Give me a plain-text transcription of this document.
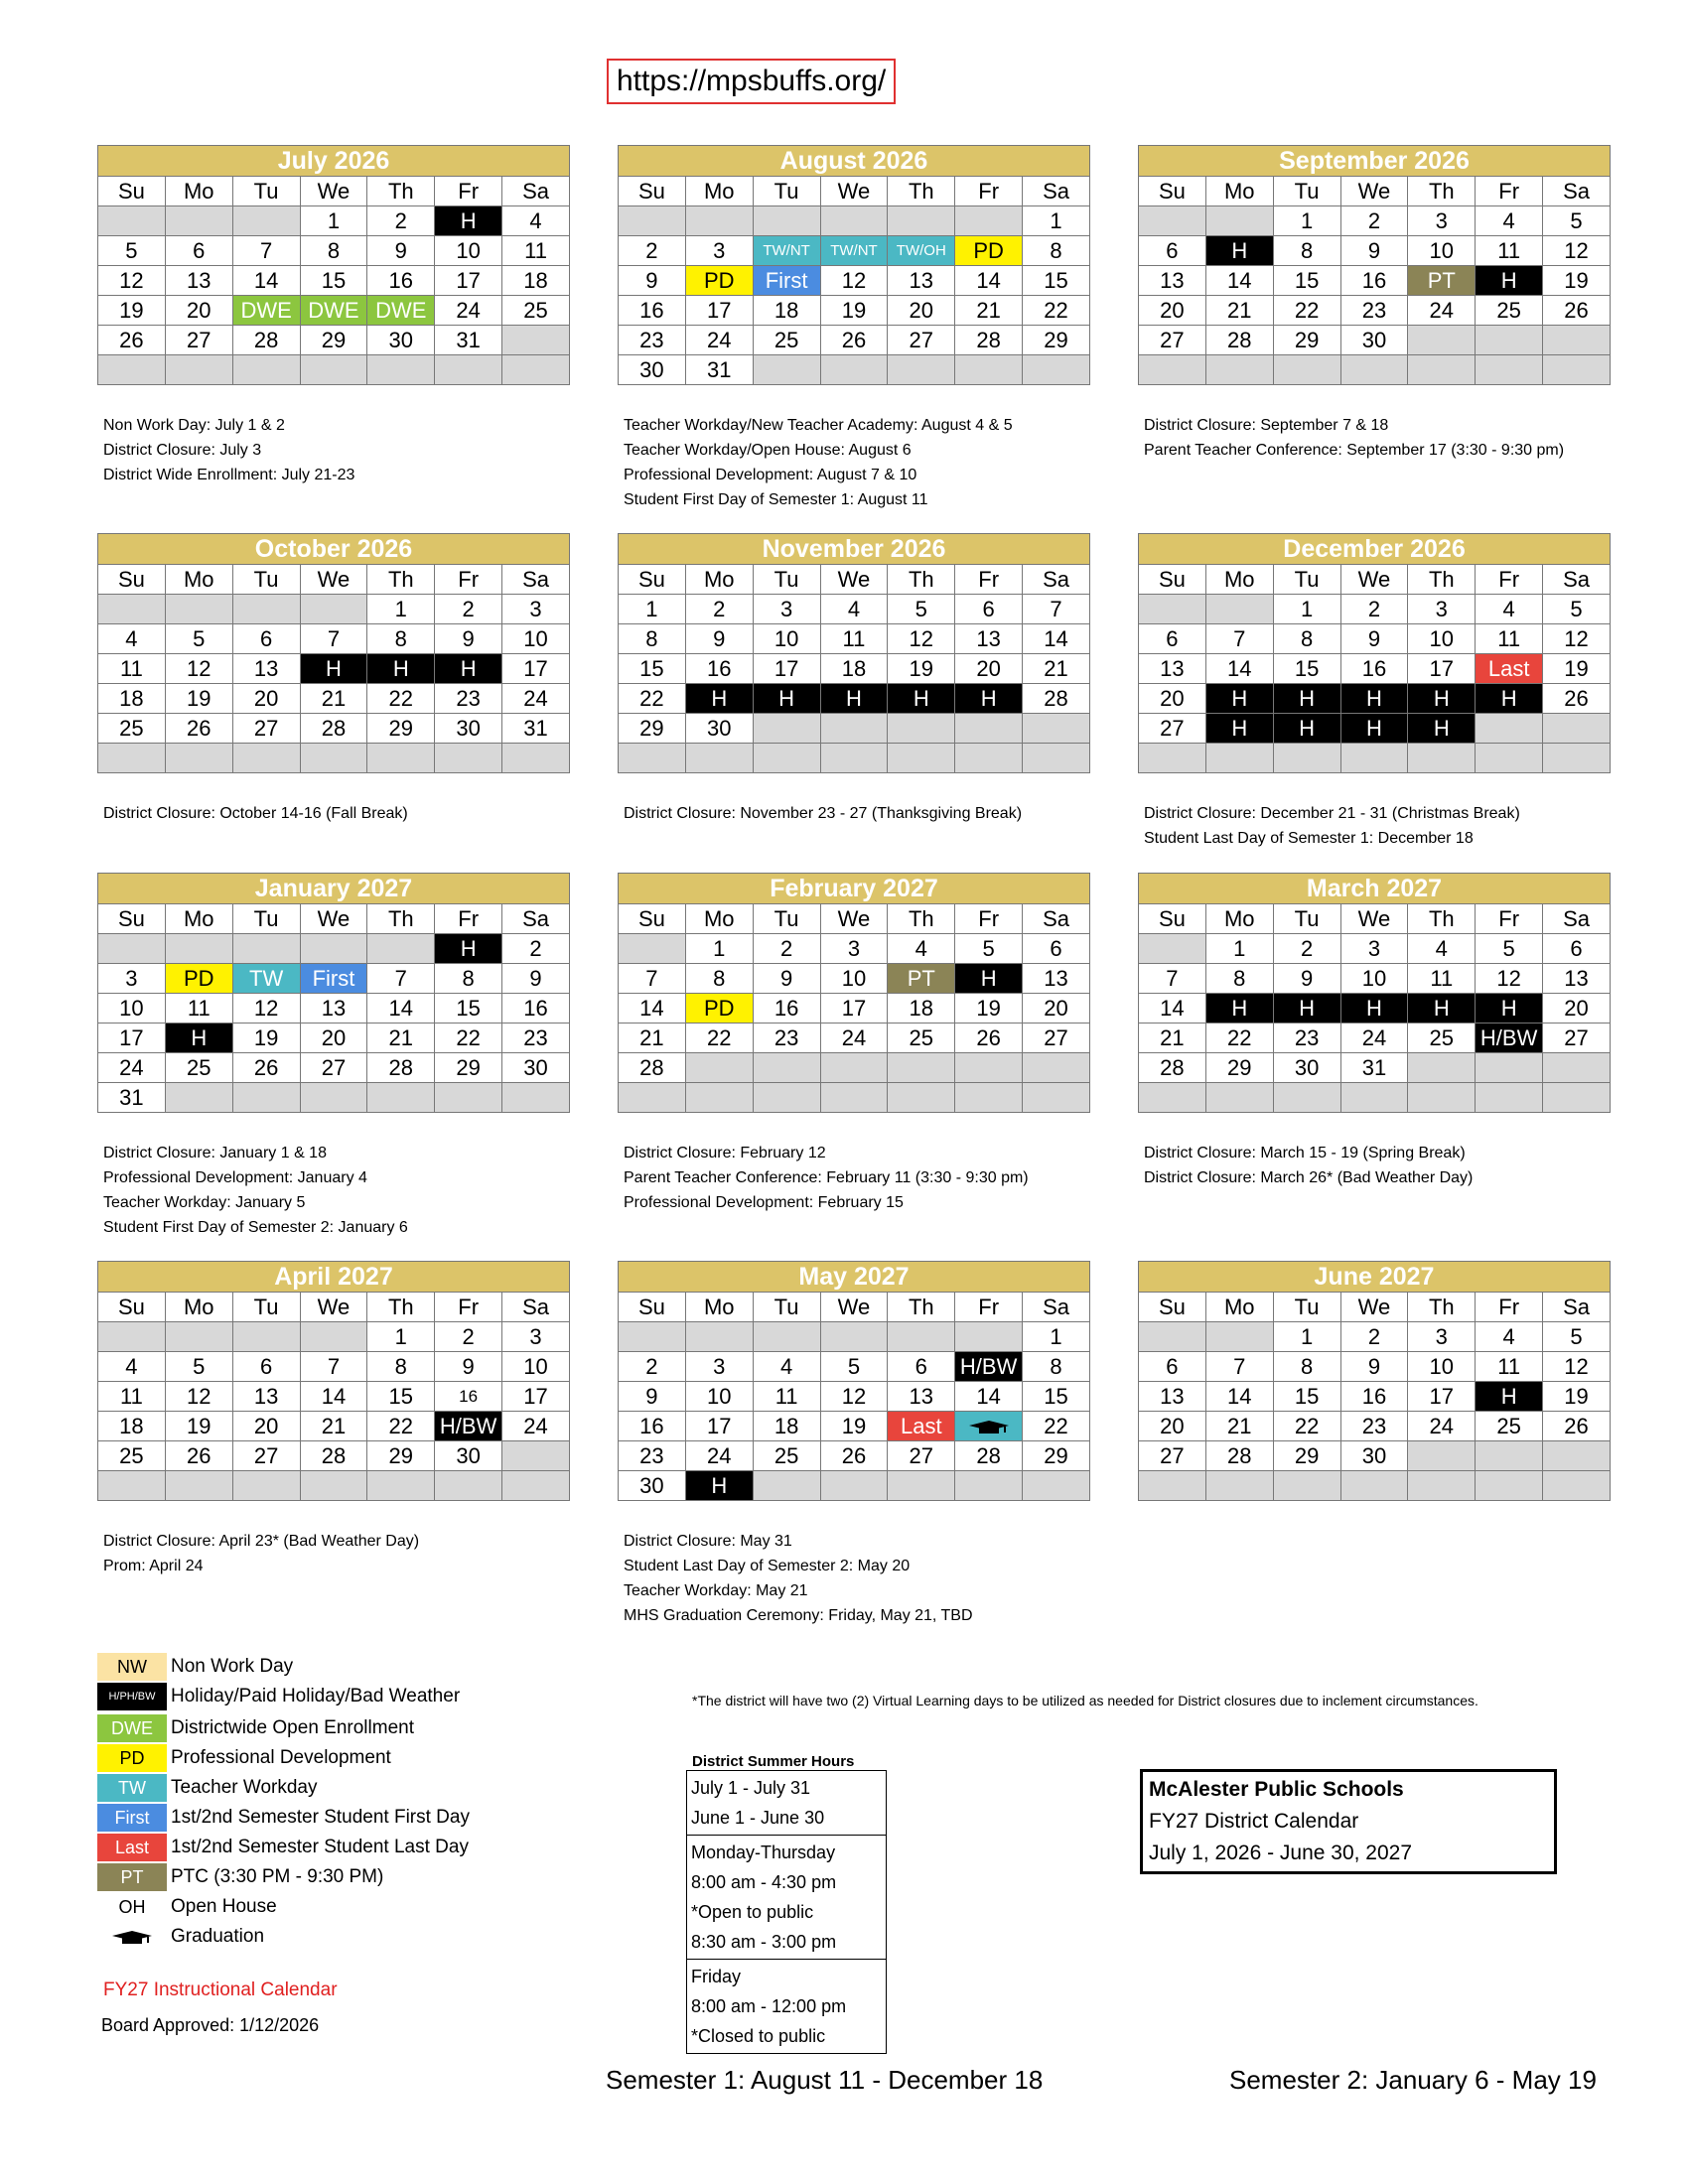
https://mpsbuffs.org/
July 2026						
Su	Mo	Tu	We	Th	Fr	Sa
			1	2	H	4
5	6	7	8	9	10	11
12	13	14	15	16	17	18
19	20	DWE	DWE	DWE	24	25
26	27	28	29	30	31	

August 2026						
Su	Mo	Tu	We	Th	Fr	Sa
						1
2	3	TW/NT	TW/NT	TW/OH	PD	8
9	PD	First	12	13	14	15
16	17	18	19	20	21	22
23	24	25	26	27	28	29
30	31					
September 2026						
Su	Mo	Tu	We	Th	Fr	Sa
		1	2	3	4	5
6	H	8	9	10	11	12
13	14	15	16	PT	H	19
20	21	22	23	24	25	26
27	28	29	30			

October 2026						
Su	Mo	Tu	We	Th	Fr	Sa
				1	2	3
4	5	6	7	8	9	10
11	12	13	H	H	H	17
18	19	20	21	22	23	24
25	26	27	28	29	30	31

November 2026						
Su	Mo	Tu	We	Th	Fr	Sa
1	2	3	4	5	6	7
8	9	10	11	12	13	14
15	16	17	18	19	20	21
22	H	H	H	H	H	28
29	30					

December 2026						
Su	Mo	Tu	We	Th	Fr	Sa
		1	2	3	4	5
6	7	8	9	10	11	12
13	14	15	16	17	Last	19
20	H	H	H	H	H	26
27	H	H	H	H		

January 2027						
Su	Mo	Tu	We	Th	Fr	Sa
					H	2
3	PD	TW	First	7	8	9
10	11	12	13	14	15	16
17	H	19	20	21	22	23
24	25	26	27	28	29	30
31						
February 2027						
Su	Mo	Tu	We	Th	Fr	Sa
	1	2	3	4	5	6
7	8	9	10	PT	H	13
14	PD	16	17	18	19	20
21	22	23	24	25	26	27
28						

March 2027						
Su	Mo	Tu	We	Th	Fr	Sa
	1	2	3	4	5	6
7	8	9	10	11	12	13
14	H	H	H	H	H	20
21	22	23	24	25	H/BW	27
28	29	30	31			

April 2027						
Su	Mo	Tu	We	Th	Fr	Sa
				1	2	3
4	5	6	7	8	9	10
11	12	13	14	15	16	17
18	19	20	21	22	H/BW	24
25	26	27	28	29	30	

May 2027						
Su	Mo	Tu	We	Th	Fr	Sa
						1
2	3	4	5	6	H/BW	8
9	10	11	12	13	14	15
16	17	18	19	Last		22
23	24	25	26	27	28	29
30	H					
June 2027						
Su	Mo	Tu	We	Th	Fr	Sa
		1	2	3	4	5
6	7	8	9	10	11	12
13	14	15	16	17	H	19
20	21	22	23	24	25	26
27	28	29	30			

Non Work Day: July 1 & 2
District Closure: July 3
District Wide Enrollment: July 21-23
Teacher Workday/New Teacher Academy: August 4 & 5
Teacher Workday/Open House: August 6
Professional Development: August 7 & 10
Student First Day of Semester 1: August 11
District Closure: September 7 & 18
Parent Teacher Conference: September 17 (3:30 - 9:30 pm)
District Closure: October 14-16 (Fall Break)	District Closure: November 23 - 27 (Thanksgiving Break)	District Closure: December 21 - 31 (Christmas Break)
Student Last Day of Semester 1: December 18
District Closure: January 1 & 18
Professional Development: January 4
Teacher Workday: January 5
Student First Day of Semester 2: January 6
District Closure: February 12
Parent Teacher Conference: February 11 (3:30 - 9:30 pm)
Professional Development: February 15
District Closure: March 15 - 19 (Spring Break)
District Closure: March 26* (Bad Weather Day)
District Closure: April 23* (Bad Weather Day)
Prom: April 24
District Closure: May 31
Student Last Day of Semester 2: May 20
Teacher Workday: May 21
MHS Graduation Ceremony: Friday, May 21, TBD
NW	Non Work Day
H/PH/BW Holiday/Paid Holiday/Bad Weather
DWE Districtwide Open Enrollment
PD	Professional Development
TW	Teacher Workday
First	1st/2nd Semester Student First Day
Last	1st/2nd Semester Student Last Day
PT	PTC (3:30 PM - 9:30 PM)
OH	Open House
Graduation
FY27 Instructional Calendar
Board Approved: 1/12/2026
*The district will have two (2) Virtual Learning days to be utilized as needed for District closures due to inclement circumstances.
District Summer Hours
July 1 - July 31
June 1 - June 30
Monday-Thursday
8:00 am - 4:30 pm
*Open to public
8:30 am - 3:00 pm
Friday
8:00 am - 12:00 pm
*Closed to public
McAlester Public Schools
FY27 District Calendar
July 1, 2026 - June 30, 2027
Semester 1: August 11 - December 18	Semester 2: January 6 - May 19
